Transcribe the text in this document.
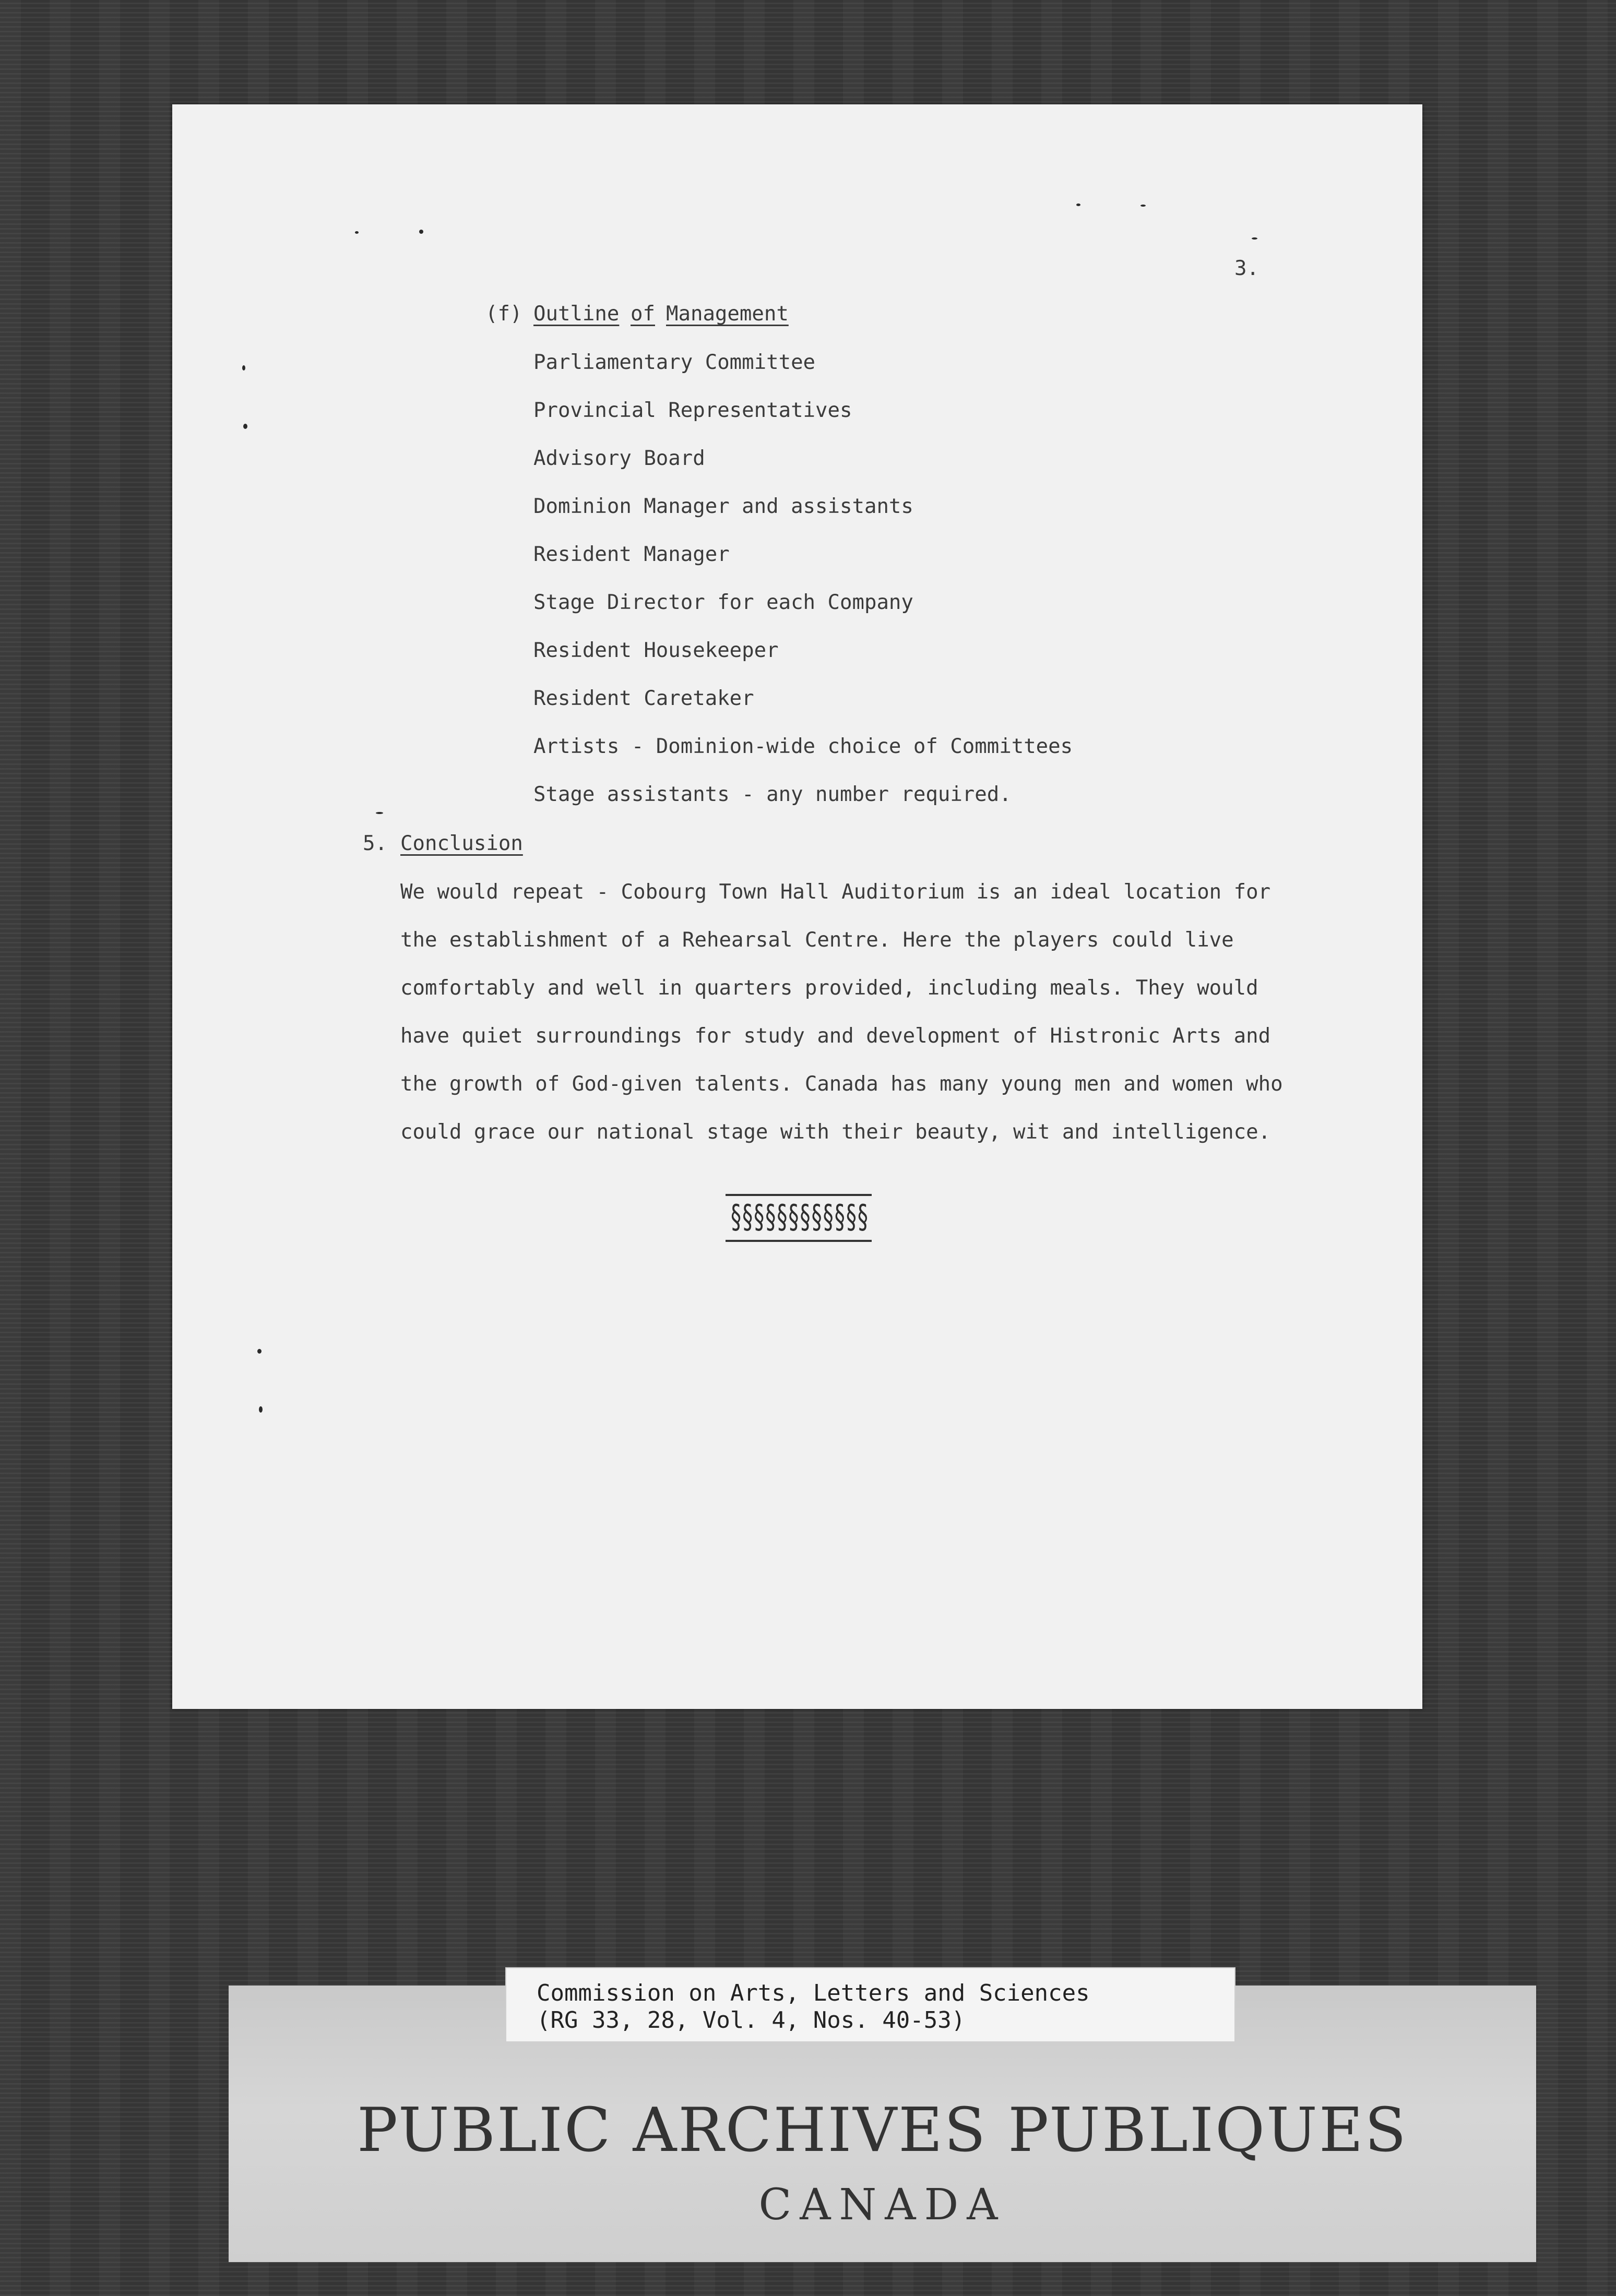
3.
(f) Outline of Management
Parliamentary Committee
Provincial Representatives
Advisory Board
Dominion Manager and assistants
Resident Manager
Stage Director for each Company
Resident Housekeeper
Resident Caretaker
Artists - Dominion-wide choice of Committees
Stage assistants - any number required.
5. Conclusion
We would repeat - Cobourg Town Hall Auditorium is an ideal location for
the establishment of a Rehearsal Centre. Here the players could live
comfortably and well in quarters provided, including meals. They would
have quiet surroundings for study and development of Histronic Arts and
the growth of God-given talents. Canada has many young men and women who
could grace our national stage with their beauty, wit and intelligence.
§§§§§§§§§§§§
Commission on Arts, Letters and Sciences
(RG 33, 28, Vol. 4, Nos. 40-53)
PUBLIC ARCHIVES PUBLIQUES
CANADA
